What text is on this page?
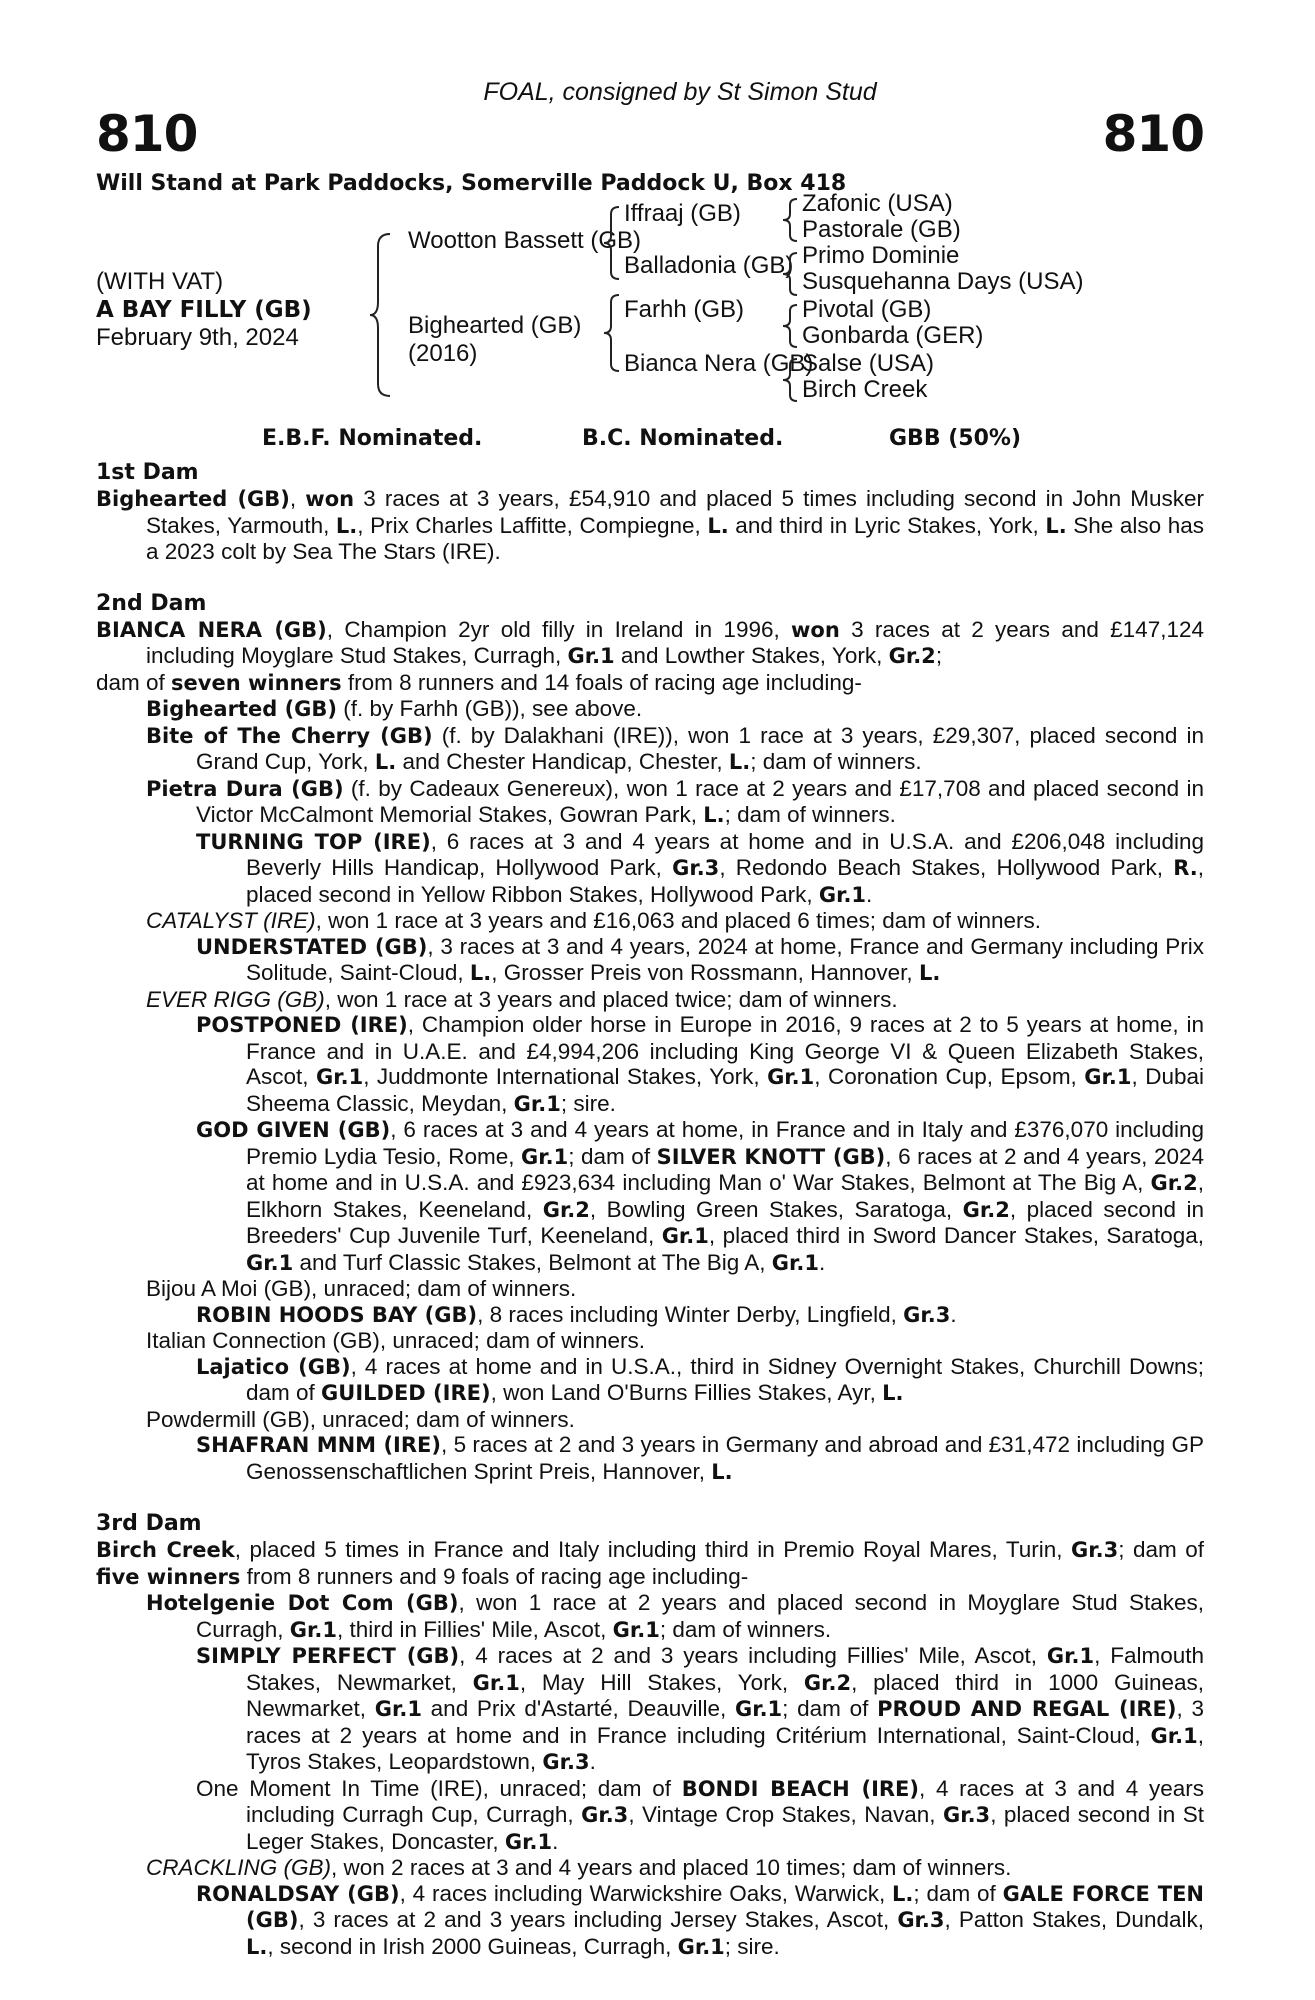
FOAL, consigned by St Simon Stud
810	810
Will Stand at Park Paddocks, Somerville Paddock U, Box 418
(WITH VAT)
A BAY FILLY (GB)
February 9th, 2024
Wootton Bassett (GB)
Bighearted (GB)
(2016)
Iffraaj (GB)
Balladonia (GB)
Farhh (GB)
Bianca Nera (GB)
Zafonic (USA)
Pastorale (GB)
Primo Dominie
Susquehanna Days (USA)
Pivotal (GB)
Gonbarda (GER)
Salse (USA)
Birch Creek
E.B.F. Nominated.	B.C. Nominated.	GBB (50%)
1st Dam
Bighearted (GB), won 3 races at 3 years, £54,910 and placed 5 times including second in John Musker Stakes, Yarmouth, L., Prix Charles Laffitte, Compiegne, L. and third in Lyric Stakes, York, L. She also has a 2023 colt by Sea The Stars (IRE).
2nd Dam
BIANCA NERA (GB), Champion 2yr old filly in Ireland in 1996, won 3 races at 2 years and £147,124 including Moyglare Stud Stakes, Curragh, Gr.1 and Lowther Stakes, York, Gr.2;
dam of seven winners from 8 runners and 14 foals of racing age including-
Bighearted (GB) (f. by Farhh (GB)), see above.
Bite of The Cherry (GB) (f. by Dalakhani (IRE)), won 1 race at 3 years, £29,307, placed second in Grand Cup, York, L. and Chester Handicap, Chester, L.; dam of winners.
Pietra Dura (GB) (f. by Cadeaux Genereux), won 1 race at 2 years and £17,708 and placed second in Victor McCalmont Memorial Stakes, Gowran Park, L.; dam of winners.
TURNING TOP (IRE), 6 races at 3 and 4 years at home and in U.S.A. and £206,048 including Beverly Hills Handicap, Hollywood Park, Gr.3, Redondo Beach Stakes, Hollywood Park, R., placed second in Yellow Ribbon Stakes, Hollywood Park, Gr.1.
CATALYST (IRE), won 1 race at 3 years and £16,063 and placed 6 times; dam of winners.
UNDERSTATED (GB), 3 races at 3 and 4 years, 2024 at home, France and Germany including Prix Solitude, Saint-Cloud, L., Grosser Preis von Rossmann, Hannover, L.
EVER RIGG (GB), won 1 race at 3 years and placed twice; dam of winners.
POSTPONED (IRE), Champion older horse in Europe in 2016, 9 races at 2 to 5 years at home, in France and in U.A.E. and £4,994,206 including King George VI & Queen Elizabeth Stakes, Ascot, Gr.1, Juddmonte International Stakes, York, Gr.1, Coronation Cup, Epsom, Gr.1, Dubai Sheema Classic, Meydan, Gr.1; sire.
GOD GIVEN (GB), 6 races at 3 and 4 years at home, in France and in Italy and £376,070 including Premio Lydia Tesio, Rome, Gr.1; dam of SILVER KNOTT (GB), 6 races at 2 and 4 years, 2024 at home and in U.S.A. and £923,634 including Man o' War Stakes, Belmont at The Big A, Gr.2, Elkhorn Stakes, Keeneland, Gr.2, Bowling Green Stakes, Saratoga, Gr.2, placed second in Breeders' Cup Juvenile Turf, Keeneland, Gr.1, placed third in Sword Dancer Stakes, Saratoga, Gr.1 and Turf Classic Stakes, Belmont at The Big A, Gr.1.
Bijou A Moi (GB), unraced; dam of winners.
ROBIN HOODS BAY (GB), 8 races including Winter Derby, Lingfield, Gr.3.
Italian Connection (GB), unraced; dam of winners.
Lajatico (GB), 4 races at home and in U.S.A., third in Sidney Overnight Stakes, Churchill Downs; dam of GUILDED (IRE), won Land O'Burns Fillies Stakes, Ayr, L.
Powdermill (GB), unraced; dam of winners.
SHAFRAN MNM (IRE), 5 races at 2 and 3 years in Germany and abroad and £31,472 including GP Genossenschaftlichen Sprint Preis, Hannover, L.
3rd Dam
Birch Creek, placed 5 times in France and Italy including third in Premio Royal Mares, Turin, Gr.3; dam of five winners from 8 runners and 9 foals of racing age including-
Hotelgenie Dot Com (GB), won 1 race at 2 years and placed second in Moyglare Stud Stakes, Curragh, Gr.1, third in Fillies' Mile, Ascot, Gr.1; dam of winners.
SIMPLY PERFECT (GB), 4 races at 2 and 3 years including Fillies' Mile, Ascot, Gr.1, Falmouth Stakes, Newmarket, Gr.1, May Hill Stakes, York, Gr.2, placed third in 1000 Guineas, Newmarket, Gr.1 and Prix d'Astarté, Deauville, Gr.1; dam of PROUD AND REGAL (IRE), 3 races at 2 years at home and in France including Critérium International, Saint-Cloud, Gr.1, Tyros Stakes, Leopardstown, Gr.3.
One Moment In Time (IRE), unraced; dam of BONDI BEACH (IRE), 4 races at 3 and 4 years including Curragh Cup, Curragh, Gr.3, Vintage Crop Stakes, Navan, Gr.3, placed second in St Leger Stakes, Doncaster, Gr.1.
CRACKLING (GB), won 2 races at 3 and 4 years and placed 10 times; dam of winners.
RONALDSAY (GB), 4 races including Warwickshire Oaks, Warwick, L.; dam of GALE FORCE TEN (GB), 3 races at 2 and 3 years including Jersey Stakes, Ascot, Gr.3, Patton Stakes, Dundalk, L., second in Irish 2000 Guineas, Curragh, Gr.1; sire.
